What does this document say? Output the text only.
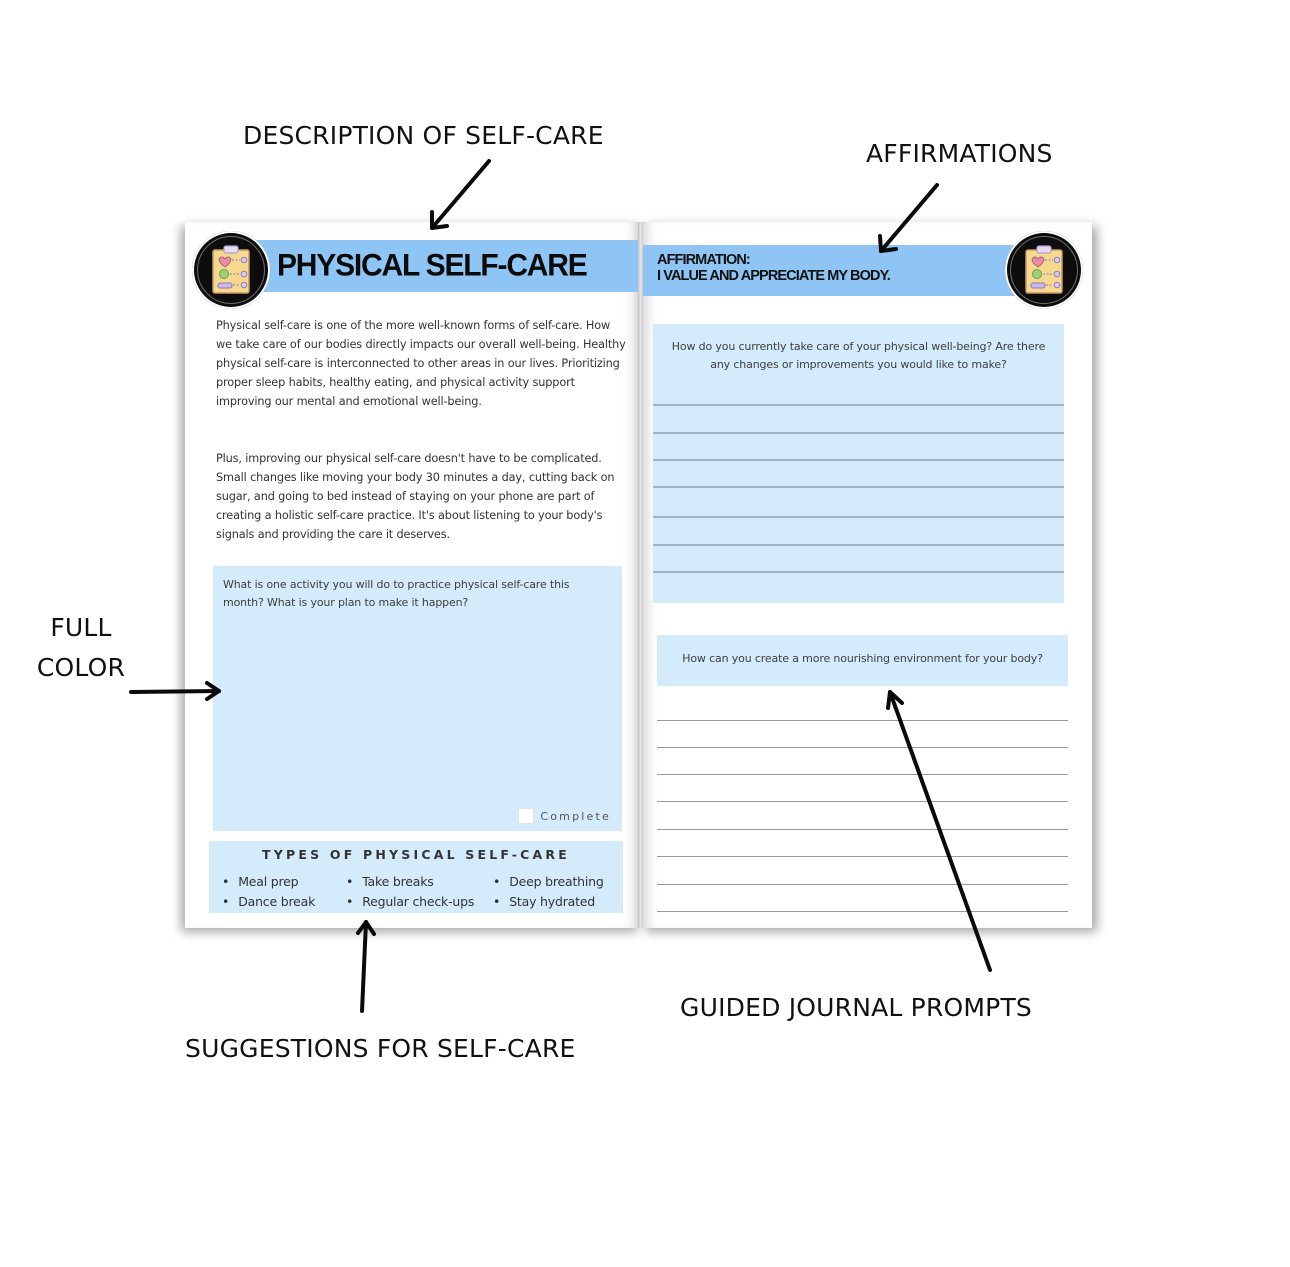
DESCRIPTION OF SELF-CARE
AFFIRMATIONS
FULL
COLOR
SUGGESTIONS FOR SELF-CARE
GUIDED JOURNAL PROMPTS
PHYSICAL SELF-CARE

Physical self-care is one of the more well-known forms of self-care. How we take care of our bodies directly impacts our overall well-being. Healthy physical self-care is interconnected to other areas in our lives. Prioritizing proper sleep habits, healthy eating, and physical activity support improving our mental and emotional well-being.

Plus, improving our physical self-care doesn't have to be complicated. Small changes like moving your body 30 minutes a day, cutting back on sugar, and going to bed instead of staying on your phone are part of creating a holistic self-care practice. It's about listening to your body's signals and providing the care it deserves.

What is one activity you will do to practice physical self-care this month? What is your plan to make it happen?
Complete
TYPES OF PHYSICAL SELF-CARE
• Meal prep
• Dance break
• Take breaks
• Regular check-ups
• Deep breathing
• Stay hydrated
AFFIRMATION:
I VALUE AND APPRECIATE MY BODY.
How do you currently take care of your physical well-being? Are there any changes or improvements you would like to make?
How can you create a more nourishing environment for your body?
